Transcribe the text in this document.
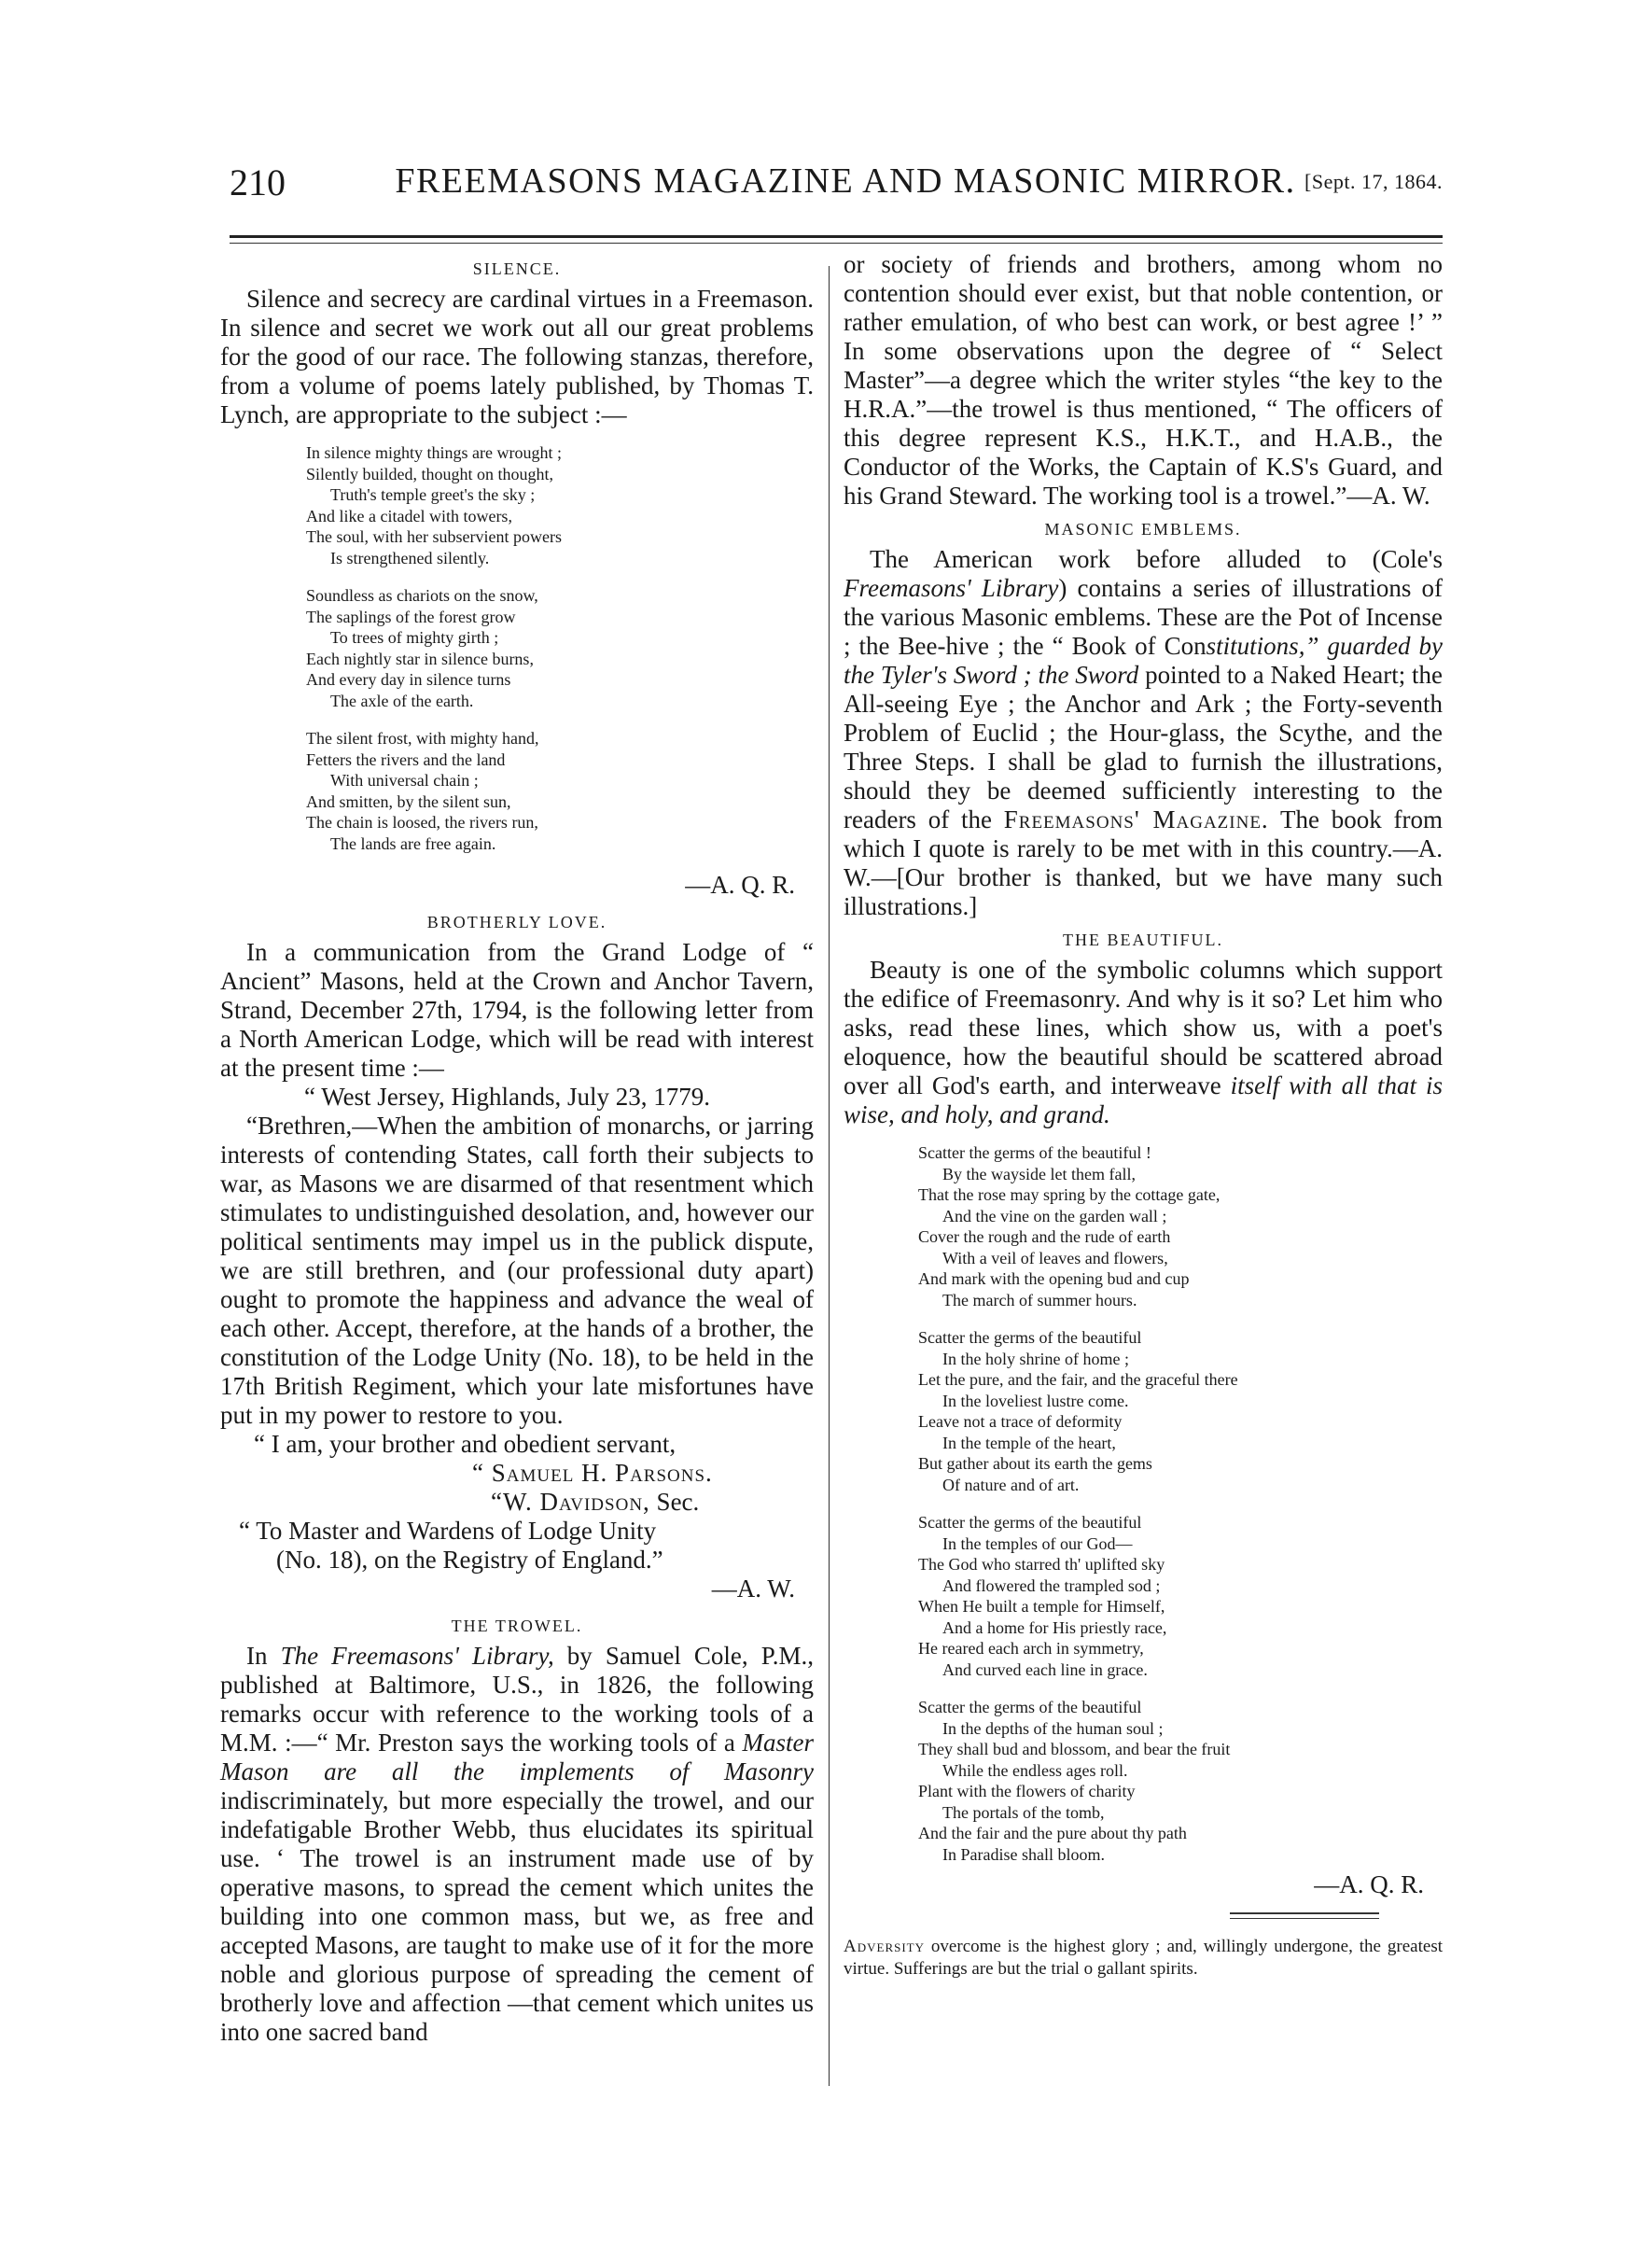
210	FREEMASONS MAGAZINE AND MASONIC MIRROR. [Sept. 17, 1864.
SILENCE.

Silence and secrecy are cardinal virtues in a Freemason. In silence and secret we work out all our great problems for the good of our race. The following stanzas, therefore, from a volume of poems lately published, by Thomas T. Lynch, are appropriate to the subject :—

In silence mighty things are wrought ;
Silently builded, thought on thought,
Truth's temple greet's the sky ;
And like a citadel with towers,
The soul, with her subservient powers
Is strengthened silently.
Soundless as chariots on the snow,
The saplings of the forest grow
To trees of mighty girth ;
Each nightly star in silence burns,
And every day in silence turns
The axle of the earth.
The silent frost, with mighty hand,
Fetters the rivers and the land
With universal chain ;
And smitten, by the silent sun,
The chain is loosed, the rivers run,
The lands are free again.
—A. Q. R.
BROTHERLY LOVE.

In a communication from the Grand Lodge of “ Ancient” Masons, held at the Crown and Anchor Tavern, Strand, December 27th, 1794, is the following letter from a North American Lodge, which will be read with interest at the present time :—

“ West Jersey, Highlands, July 23, 1779.

“Brethren,—When the ambition of monarchs, or jarring interests of contending States, call forth their subjects to war, as Masons we are disarmed of that resentment which stimulates to undistinguished desolation, and, however our political sentiments may impel us in the publick dispute, we are still brethren, and (our professional duty apart) ought to promote the happiness and advance the weal of each other. Accept, therefore, at the hands of a brother, the constitution of the Lodge Unity (No. 18), to be held in the 17th British Regiment, which your late misfortunes have put in my power to restore to you.

“ I am, your brother and obedient servant,
“ Samuel H. Parsons.
“W. Davidson, Sec.
“ To Master and Wardens of Lodge Unity
(No. 18), on the Registry of England.”
—A. W.
THE TROWEL.

In The Freemasons' Library, by Samuel Cole, P.M., published at Baltimore, U.S., in 1826, the following remarks occur with reference to the working tools of a M.M. :—“ Mr. Preston says the working tools of a Master Mason are all the implements of Masonry indiscriminately, but more especially the trowel, and our indefatigable Brother Webb, thus elucidates its spiritual use. ‘ The trowel is an instrument made use of by operative masons, to spread the cement which unites the building into one common mass, but we, as free and accepted Masons, are taught to make use of it for the more noble and glorious purpose of spreading the cement of brotherly love and affection —that cement which unites us into one sacred band

or society of friends and brothers, among whom no contention should ever exist, but that noble contention, or rather emulation, of who best can work, or best agree !’ ” In some observations upon the degree of “ Select Master”—a degree which the writer styles “the key to the H.R.A.”—the trowel is thus mentioned, “ The officers of this degree represent K.S., H.K.T., and H.A.B., the Conductor of the Works, the Captain of K.S's Guard, and his Grand Steward. The working tool is a trowel.”—A. W.

MASONIC EMBLEMS.

The American work before alluded to (Cole's Freemasons' Library) contains a series of illustrations of the various Masonic emblems. These are the Pot of Incense ; the Bee-hive ; the “ Book of Constitutions,” guarded by the Tyler's Sword ; the Sword pointed to a Naked Heart; the All-seeing Eye ; the Anchor and Ark ; the Forty-seventh Problem of Euclid ; the Hour-glass, the Scythe, and the Three Steps. I shall be glad to furnish the illustrations, should they be deemed sufficiently interesting to the readers of the Freemasons' Magazine. The book from which I quote is rarely to be met with in this country.—A. W.—[Our brother is thanked, but we have many such illustrations.]

THE BEAUTIFUL.

Beauty is one of the symbolic columns which support the edifice of Freemasonry. And why is it so? Let him who asks, read these lines, which show us, with a poet's eloquence, how the beautiful should be scattered abroad over all God's earth, and interweave itself with all that is wise, and holy, and grand.

Scatter the germs of the beautiful !
By the wayside let them fall,
That the rose may spring by the cottage gate,
And the vine on the garden wall ;
Cover the rough and the rude of earth
With a veil of leaves and flowers,
And mark with the opening bud and cup
The march of summer hours.
Scatter the germs of the beautiful
In the holy shrine of home ;
Let the pure, and the fair, and the graceful there
In the loveliest lustre come.
Leave not a trace of deformity
In the temple of the heart,
But gather about its earth the gems
Of nature and of art.
Scatter the germs of the beautiful
In the temples of our God—
The God who starred th' uplifted sky
And flowered the trampled sod ;
When He built a temple for Himself,
And a home for His priestly race,
He reared each arch in symmetry,
And curved each line in grace.
Scatter the germs of the beautiful
In the depths of the human soul ;
They shall bud and blossom, and bear the fruit
While the endless ages roll.
Plant with the flowers of charity
The portals of the tomb,
And the fair and the pure about thy path
In Paradise shall bloom.
—A. Q. R.

Adversity overcome is the highest glory ; and, willingly undergone, the greatest virtue. Sufferings are but the trial o gallant spirits.
